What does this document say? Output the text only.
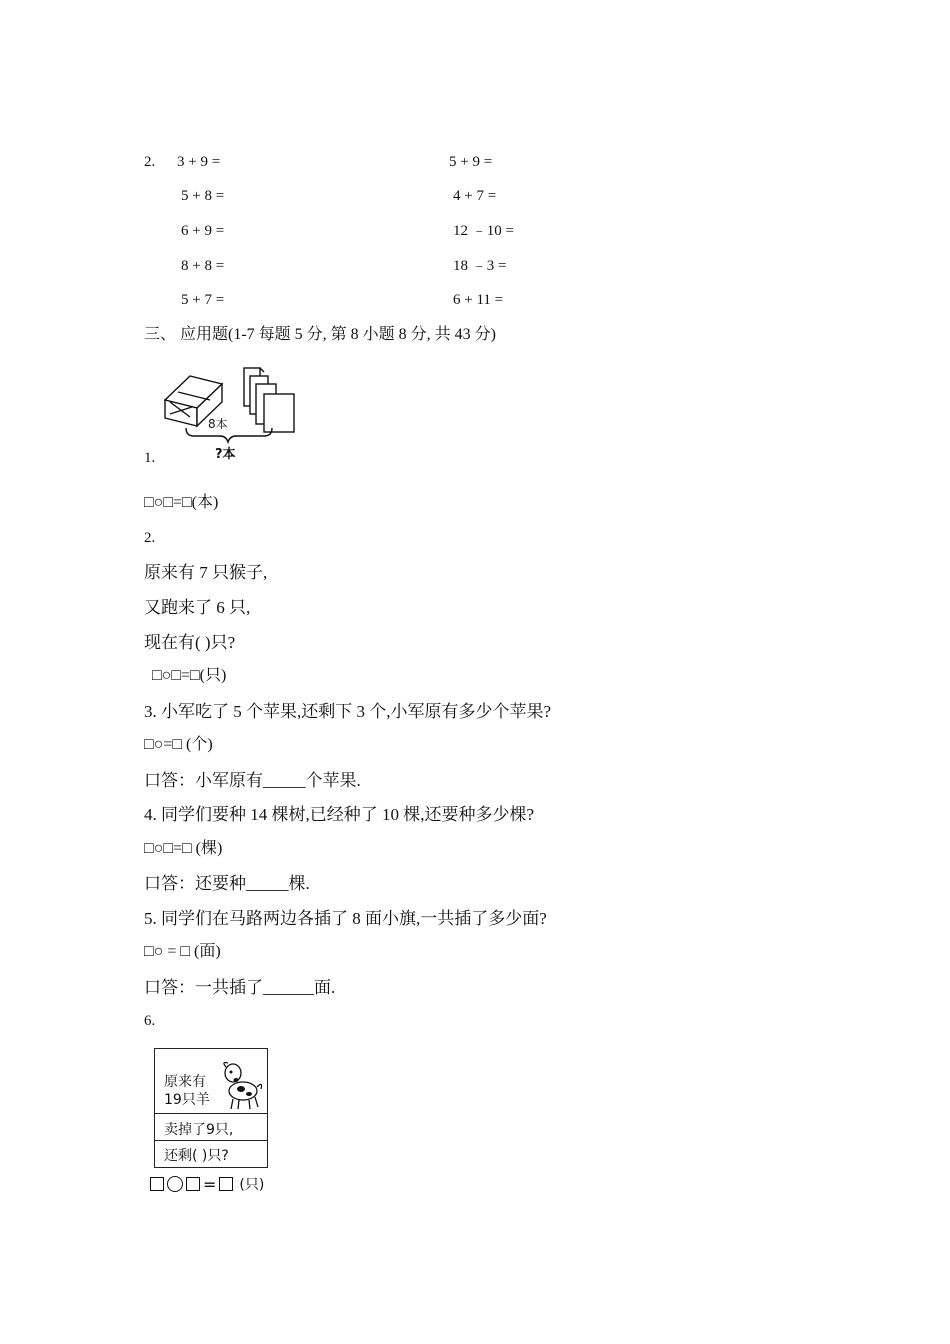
2. 3 + 9 =
5 + 8 =
6 + 9 =
8 + 8 =
5 + 7 =
5 + 9 =
4 + 7 =
12 ﹣10 =
18 ﹣3 =
6 + 11 =
三、 应用题(1-7 每题 5 分, 第 8 小题 8 分, 共 43 分)
8本
?本
1.
□○□=□(本)
2.
原来有 7 只猴子,
又跑来了 6 只,
现在有( )只?
□○□=□(只)
3. 小军吃了 5 个苹果,还剩下 3 个,小军原有多少个苹果?
□○=□ (个)
口答：小军原有_____个苹果.
4. 同学们要种 14 棵树,已经种了 10 棵,还要种多少棵?
□○□=□ (棵)
口答：还要种_____棵.
5. 同学们在马路两边各插了 8 面小旗,一共插了多少面?
□○ = □ (面)
口答：一共插了______面.
6.
原来有
19只羊
卖掉了9只,
还剩( )只?
= (只)
